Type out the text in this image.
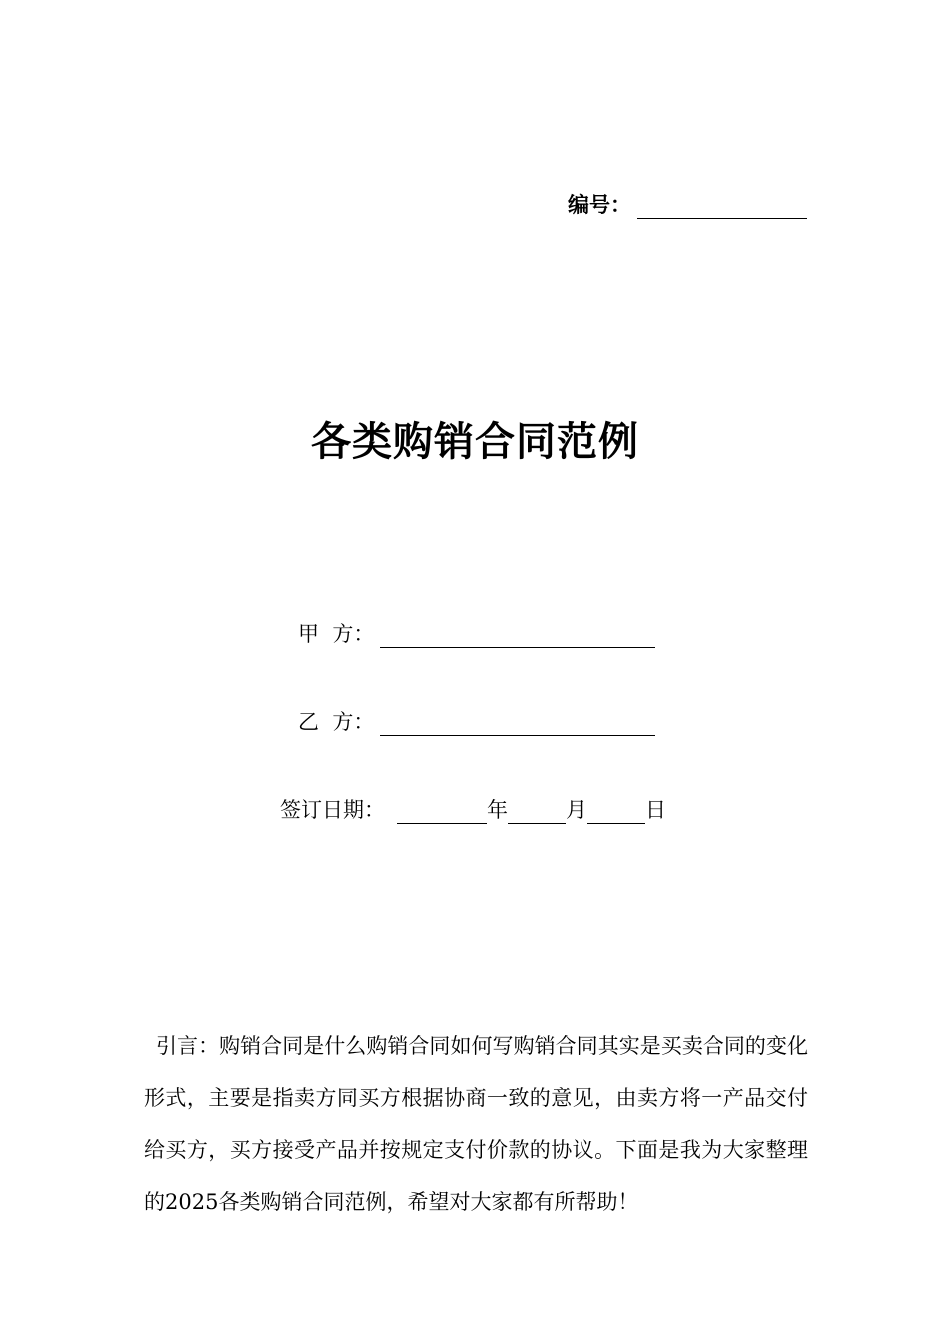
编号：
各类购销合同范例
甲  方：
乙  方：
签订日期：	年	月	日

引言：购销合同是什么购销合同如何写购销合同其实是买卖合同的变化形式，主要是指卖方同买方根据协商一致的意见，由卖方将一产品交付给买方，买方接受产品并按规定支付价款的协议。下面是我为大家整理的2025各类购销合同范例，希望对大家都有所帮助！
